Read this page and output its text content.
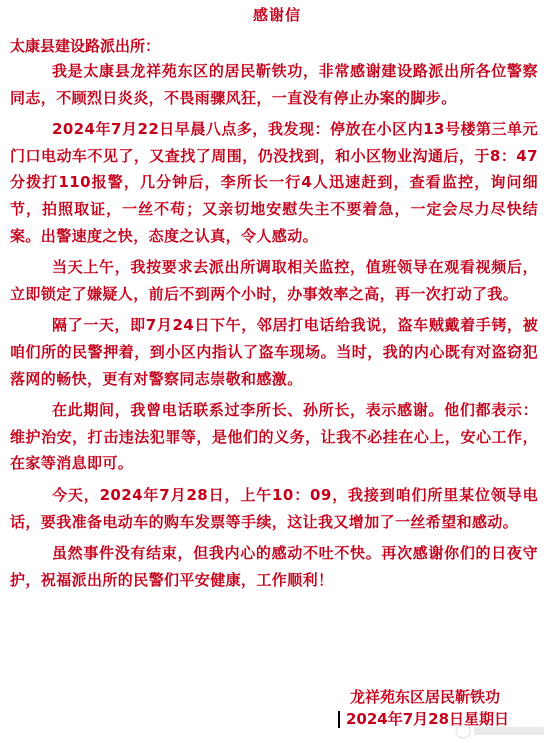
感谢信
太康县建设路派出所：

我是太康县龙祥苑东区的居民靳铁功，非常感谢建设路派出所各位警察同志，不顾烈日炎炎，不畏雨骤风狂，一直没有停止办案的脚步。

2024年7月22日早晨八点多，我发现：停放在小区内13号楼第三单元门口电动车不见了，又查找了周围，仍没找到，和小区物业沟通后，于8：47分拨打110报警，几分钟后，李所长一行4人迅速赶到，查看监控，询问细节，拍照取证，一丝不苟；又亲切地安慰失主不要着急，一定会尽力尽快结案。出警速度之快，态度之认真，令人感动。

当天上午，我按要求去派出所调取相关监控，值班领导在观看视频后，立即锁定了嫌疑人，前后不到两个小时，办事效率之高，再一次打动了我。

隔了一天，即7月24日下午，邻居打电话给我说，盗车贼戴着手铐，被咱们所的民警押着，到小区内指认了盗车现场。当时，我的内心既有对盗窃犯落网的畅快，更有对警察同志崇敬和感激。

在此期间，我曾电话联系过李所长、孙所长，表示感谢。他们都表示：维护治安，打击违法犯罪等，是他们的义务，让我不必挂在心上，安心工作，在家等消息即可。

今天，2024年7月28日，上午10：09，我接到咱们所里某位领导电话，要我准备电动车的购车发票等手续，这让我又增加了一丝希望和感动。

虽然事件没有结束，但我内心的感动不吐不快。再次感谢你们的日夜守护，祝福派出所的民警们平安健康，工作顺利！

龙祥苑东区居民靳铁功
2024年7月28日星期日
